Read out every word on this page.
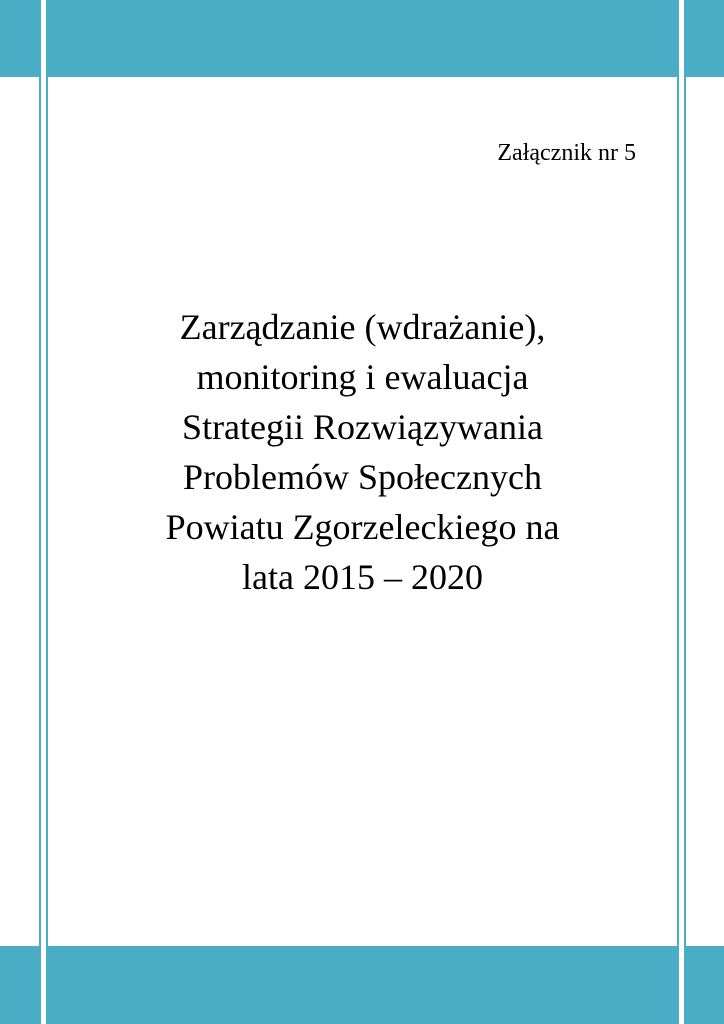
Załącznik nr 5
Zarządzanie (wdrażanie),
monitoring i ewaluacja
Strategii Rozwiązywania
Problemów Społecznych
Powiatu Zgorzeleckiego na
lata 2015 – 2020
